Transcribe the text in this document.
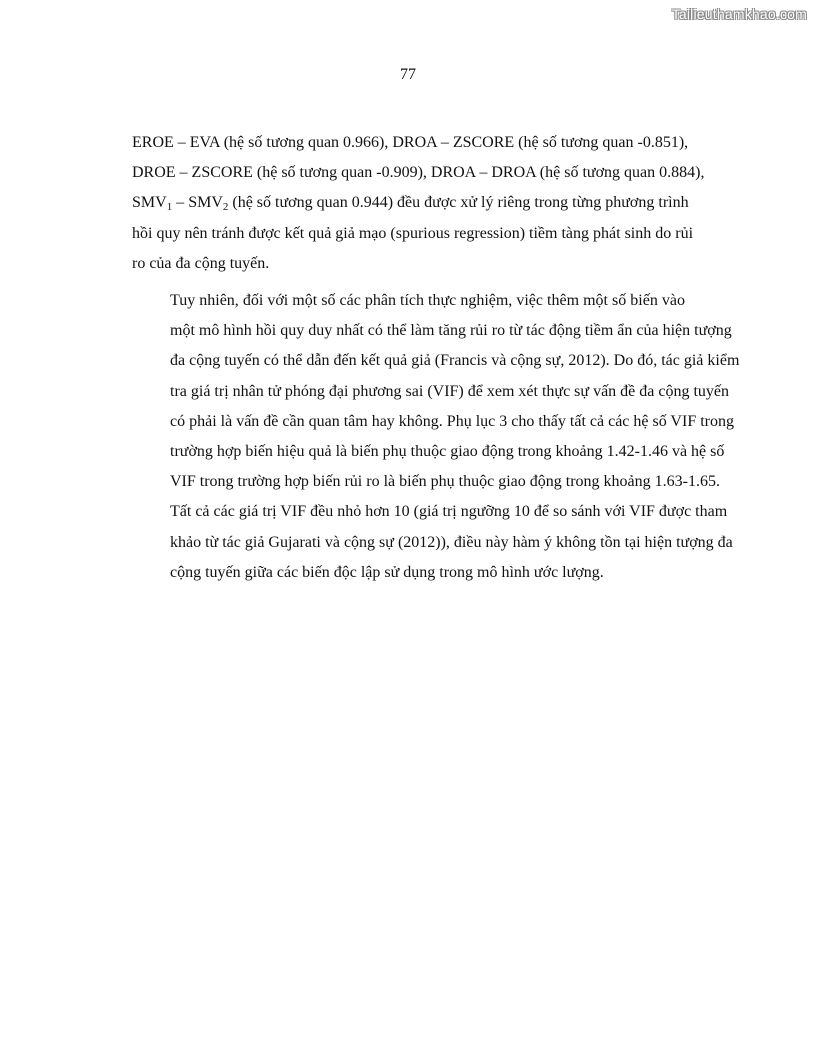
Tailieuthamkhao.com
77

EROE – EVA (hệ số tương quan 0.966), DROA – ZSCORE (hệ số tương quan -0.851),
DROE – ZSCORE (hệ số tương quan -0.909), DROA – DROA (hệ số tương quan 0.884),
$SMV_1 - SMV_2$ (hệ số tương quan 0.944) đều được xử lý riêng trong từng phương trình
hồi quy nên tránh được kết quả giả mạo (spurious regression) tiềm tàng phát sinh do rủi
ro của đa cộng tuyến.

Tuy nhiên, đối với một số các phân tích thực nghiệm, việc thêm một số biến vào
một mô hình hồi quy duy nhất có thể làm tăng rủi ro từ tác động tiềm ẩn của hiện tượng
đa cộng tuyến có thể dẫn đến kết quả giả (Francis và cộng sự, 2012). Do đó, tác giả kiểm
tra giá trị nhân tử phóng đại phương sai (VIF) để xem xét thực sự vấn đề đa cộng tuyến
có phải là vấn đề cần quan tâm hay không. Phụ lục 3 cho thấy tất cả các hệ số VIF trong
trường hợp biến hiệu quả là biến phụ thuộc giao động trong khoảng 1.42-1.46 và hệ số
VIF trong trường hợp biến rủi ro là biến phụ thuộc giao động trong khoảng 1.63-1.65.
Tất cả các giá trị VIF đều nhỏ hơn 10 (giá trị ngưỡng 10 để so sánh với VIF được tham
khảo từ tác giả Gujarati và cộng sự (2012)), điều này hàm ý không tồn tại hiện tượng đa
cộng tuyến giữa các biến độc lập sử dụng trong mô hình ước lượng.
